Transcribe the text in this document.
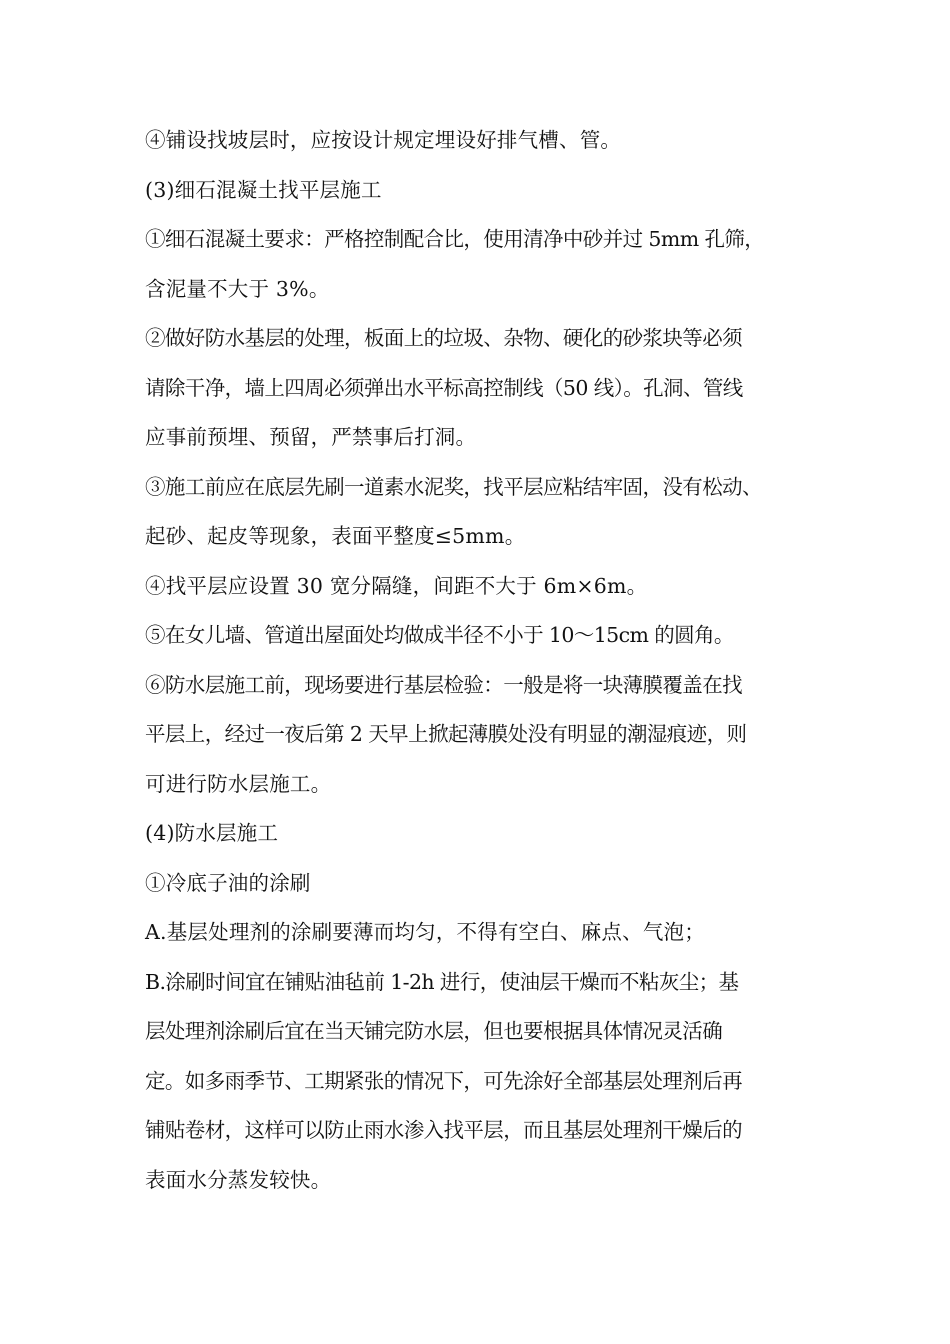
④铺设找坡层时，应按设计规定埋设好排气槽、管。
(3)细石混凝土找平层施工
①细石混凝土要求：严格控制配合比，使用清净中砂并过 5mm 孔筛，
含泥量不大于 3%。
②做好防水基层的处理，板面上的垃圾、杂物、硬化的砂浆块等必须
请除干净，墙上四周必须弹出水平标高控制线（50 线）。孔洞、管线
应事前预埋、预留，严禁事后打洞。
③施工前应在底层先刷一道素水泥奖，找平层应粘结牢固，没有松动、
起砂、起皮等现象，表面平整度≤5mm。
④找平层应设置 30 宽分隔缝，间距不大于 6m×6m。
⑤在女儿墙、管道出屋面处均做成半径不小于 10～15cm 的圆角。
⑥防水层施工前，现场要进行基层检验：一般是将一块薄膜覆盖在找
平层上，经过一夜后第 2 天早上掀起薄膜处没有明显的潮湿痕迹，则
可进行防水层施工。
(4)防水层施工
①冷底子油的涂刷
A.基层处理剂的涂刷要薄而均匀，不得有空白、麻点、气泡；
B.涂刷时间宜在铺贴油毡前 1-2h 进行，使油层干燥而不粘灰尘；基
层处理剂涂刷后宜在当天铺完防水层，但也要根据具体情况灵活确
定。如多雨季节、工期紧张的情况下，可先涂好全部基层处理剂后再
铺贴卷材，这样可以防止雨水渗入找平层，而且基层处理剂干燥后的
表面水分蒸发较快。
